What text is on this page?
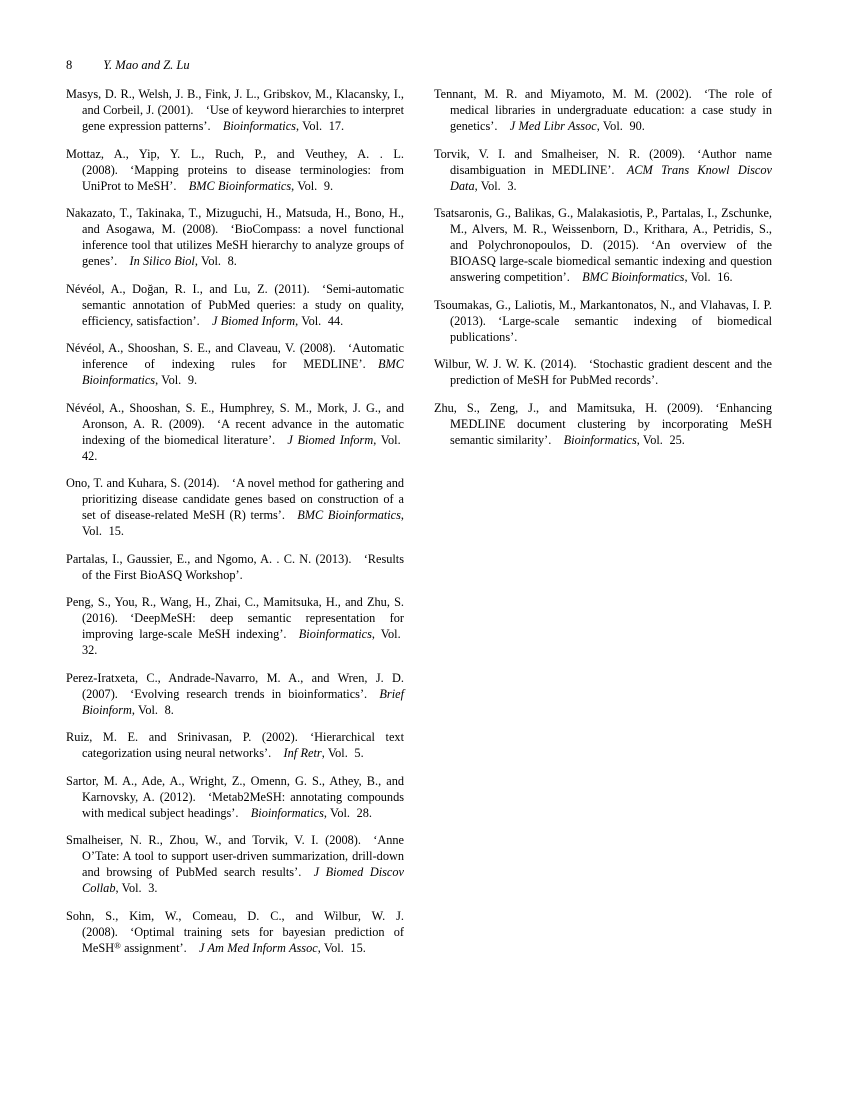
8 Y. Mao and Z. Lu

Masys, D. R., Welsh, J. B., Fink, J. L., Gribskov, M., Klacansky, I., and Corbeil, J. (2001).  ‘Use of keyword hierarchies to interpret gene expression patterns’.  Bioinformatics, Vol.  17.

Mottaz, A., Yip, Y. L., Ruch, P., and Veuthey, A. . L. (2008).  ‘Mapping proteins to disease terminologies: from UniProt to MeSH’.  BMC Bioinformatics, Vol.  9.

Nakazato, T., Takinaka, T., Mizuguchi, H., Matsuda, H., Bono, H., and Asogawa, M. (2008).  ‘BioCompass: a novel functional inference tool that utilizes MeSH hierarchy to analyze groups of genes’.  In Silico Biol, Vol.  8.

Névéol, A., Doğan, R. I., and Lu, Z. (2011).  ‘Semi-automatic semantic annotation of PubMed queries: a study on quality, efficiency, satisfaction’.  J Biomed Inform, Vol.  44.

Névéol, A., Shooshan, S. E., and Claveau, V. (2008).  ‘Automatic inference of indexing rules for MEDLINE’.  BMC Bioinformatics, Vol.  9.

Névéol, A., Shooshan, S. E., Humphrey, S. M., Mork, J. G., and Aronson, A. R. (2009).  ‘A recent advance in the automatic indexing of the biomedical literature’.  J Biomed Inform, Vol.  42.

Ono, T. and Kuhara, S. (2014).  ‘A novel method for gathering and prioritizing disease candidate genes based on construction of a set of disease-related MeSH (R) terms’.  BMC Bioinformatics, Vol.  15.

Partalas, I., Gaussier, E., and Ngomo, A. . C. N. (2013).  ‘Results of the First BioASQ Workshop’.

Peng, S., You, R., Wang, H., Zhai, C., Mamitsuka, H., and Zhu, S. (2016).  ‘DeepMeSH: deep semantic representation for improving large-scale MeSH indexing’.  Bioinformatics, Vol.  32.

Perez-Iratxeta, C., Andrade-Navarro, M. A., and Wren, J. D. (2007).  ‘Evolving research trends in bioinformatics’.  Brief Bioinform, Vol.  8.

Ruiz, M. E. and Srinivasan, P. (2002).  ‘Hierarchical text categorization using neural networks’.  Inf Retr, Vol.  5.

Sartor, M. A., Ade, A., Wright, Z., Omenn, G. S., Athey, B., and Karnovsky, A. (2012).  ‘Metab2MeSH: annotating compounds with medical subject headings’.  Bioinformatics, Vol.  28.

Smalheiser, N. R., Zhou, W., and Torvik, V. I. (2008).  ‘Anne O’Tate: A tool to support user-driven summarization, drill-down and browsing of PubMed search results’.  J Biomed Discov Collab, Vol.  3.

Sohn, S., Kim, W., Comeau, D. C., and Wilbur, W. J. (2008).  ‘Optimal training sets for bayesian prediction of MeSH® assignment’.  J Am Med Inform Assoc, Vol.  15.

Tennant, M. R. and Miyamoto, M. M. (2002).  ‘The role of medical libraries in undergraduate education: a case study in genetics’.  J Med Libr Assoc, Vol.  90.

Torvik, V. I. and Smalheiser, N. R. (2009).  ‘Author name disambiguation in MEDLINE’.  ACM Trans Knowl Discov Data, Vol.  3.

Tsatsaronis, G., Balikas, G., Malakasiotis, P., Partalas, I., Zschunke, M., Alvers, M. R., Weissenborn, D., Krithara, A., Petridis, S., and Polychronopoulos, D. (2015).  ‘An overview of the BIOASQ large-scale biomedical semantic indexing and question answering competition’.  BMC Bioinformatics, Vol.  16.

Tsoumakas, G., Laliotis, M., Markantonatos, N., and Vlahavas, I. P. (2013).  ‘Large-scale semantic indexing of biomedical publications’.

Wilbur, W. J. W. K. (2014).  ‘Stochastic gradient descent and the prediction of MeSH for PubMed records’.

Zhu, S., Zeng, J., and Mamitsuka, H. (2009).  ‘Enhancing MEDLINE document clustering by incorporating MeSH semantic similarity’.  Bioinformatics, Vol.  25.
